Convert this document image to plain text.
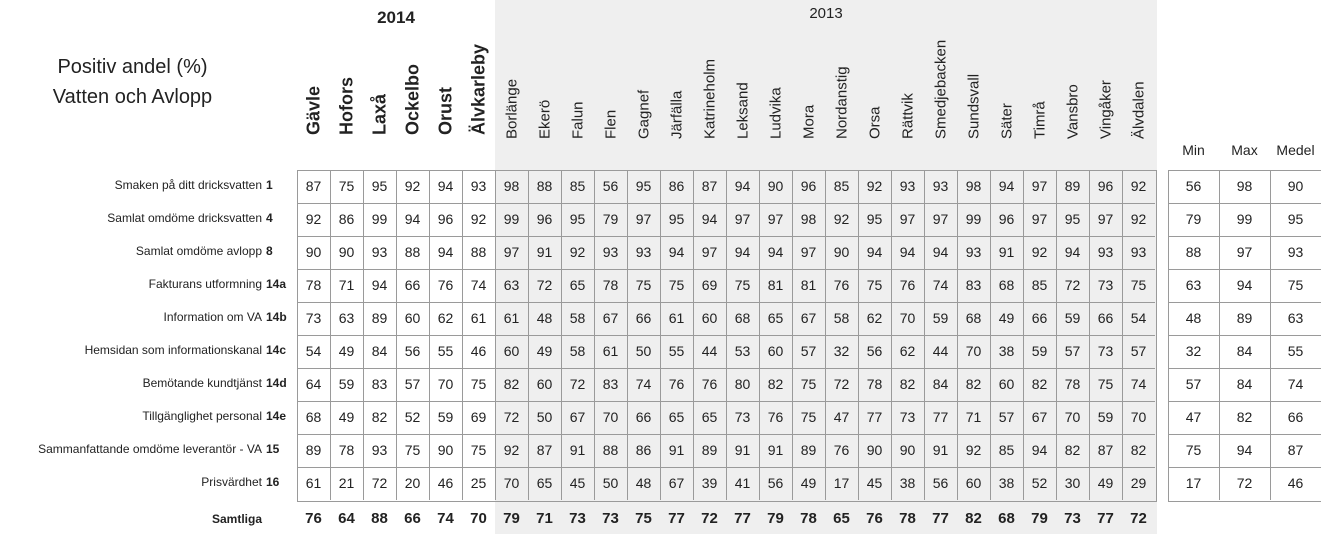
Positiv andel (%)
Vatten och Avlopp
2014	2013
Gävle Hofors Laxå Ockelbo Orust Älvkarleby Borlänge Ekerö Falun Flen Gagnef Järfälla Katrineholm Leksand Ludvika Mora Nordanstig Orsa Rättvik Smedjebacken Sundsvall Säter Timrå Vansbro Vingåker Älvdalen
Min	Max	Medel
Smaken på ditt dricksvatten 1	87	75	95	92	94	93	98	88	85	56	95	86	87	94	90	96	85	92	93	93	98	94	97	89	96	92	56	98	90
Samlat omdöme dricksvatten 4	92	86	99	94	96	92	99	96	95	79	97	95	94	97	97	98	92	95	97	97	99	96	97	95	97	92	79	99	95
Samlat omdöme avlopp 8	90	90	93	88	94	88	97	91	92	93	93	94	97	94	94	97	90	94	94	94	93	91	92	94	93	93	88	97	93
Fakturans utformning 14a	78	71	94	66	76	74	63	72	65	78	75	75	69	75	81	81	76	75	76	74	83	68	85	72	73	75	63	94	75
Information om VA 14b	73	63	89	60	62	61	61	48	58	67	66	61	60	68	65	67	58	62	70	59	68	49	66	59	66	54	48	89	63
Hemsidan som informationskanal 14c	54	49	84	56	55	46	60	49	58	61	50	55	44	53	60	57	32	56	62	44	70	38	59	57	73	57	32	84	55
Bemötande kundtjänst 14d	64	59	83	57	70	75	82	60	72	83	74	76	76	80	82	75	72	78	82	84	82	60	82	78	75	74	57	84	74
Tillgänglighet personal 14e	68	49	82	52	59	69	72	50	67	70	66	65	65	73	76	75	47	77	73	77	71	57	67	70	59	70	47	82	66
Sammanfattande omdöme leverantör - VA 15	89	78	93	75	90	75	92	87	91	88	86	91	89	91	91	89	76	90	90	91	92	85	94	82	87	82	75	94	87
Prisvärdhet 16	61	21	72	20	46	25	70	65	45	50	48	67	39	41	56	49	17	45	38	56	60	38	52	30	49	29	17	72	46
Samtliga	76	64	88	66	74	70	79	71	73	73	75	77	72	77	79	78	65	76	78	77	82	68	79	73	77	72
